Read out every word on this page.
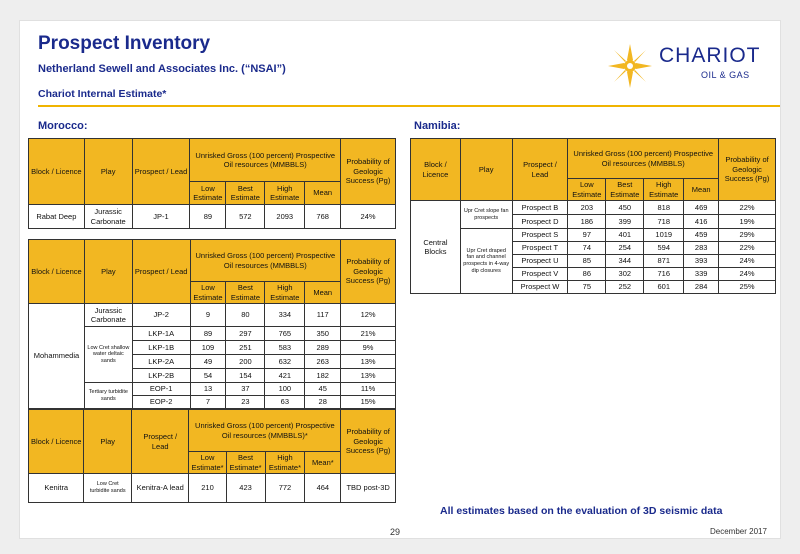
Prospect Inventory
Netherland Sewell and Associates Inc. (“NSAI”)
Chariot Internal Estimate*
CHARIOT
OIL & GAS
Morocco:	Namibia:
Block / Licence	Play	Prospect / Lead	Unrisked Gross (100 percent) Prospective Oil resources (MMBBLS)				Probability of Geologic Success (Pg)
			Low Estimate	Best Estimate	High Estimate	Mean	
Rabat Deep	Jurassic Carbonate	JP-1	89	572	2093	768	24%
Block / Licence	Play	Prospect / Lead	Unrisked Gross (100 percent) Prospective Oil resources (MMBBLS)				Probability of Geologic Success (Pg)
			Low Estimate	Best Estimate	High Estimate	Mean	
Mohammedia	Jurassic Carbonate	JP-2	9	80	334	117	12%
	Low Cret shallow water deltaic sands	LKP-1A	89	297	765	350	21%
		LKP-1B	109	251	583	289	9%
		LKP-2A	49	200	632	263	13%
		LKP-2B	54	154	421	182	13%
	Tertiary turbidite sands	EOP-1	13	37	100	45	11%
		EOP-2	7	23	63	28	15%
Block / Licence	Play	Prospect / Lead	Unrisked Gross (100 percent) Prospective Oil resources (MMBBLS)*				Probability of Geologic Success (Pg)
			Low Estimate*	Best Estimate*	High Estimate*	Mean*	
Kenitra	Low Cret turbidite sands	Kenitra-A lead	210	423	772	464	TBD post-3D
Block / Licence	Play	Prospect / Lead	Unrisked Gross (100 percent) Prospective Oil resources (MMBBLS)				Probability of Geologic Success (Pg)
			Low Estimate	Best Estimate	High Estimate	Mean	
Central Blocks	Upr Cret slope fan prospects	Prospect B	203	450	818	469	22%
		Prospect D	186	399	718	416	19%
	Upr Cret draped fan and channel prospects in 4-way dip closures	Prospect S	97	401	1019	459	29%
		Prospect T	74	254	594	283	22%
		Prospect U	85	344	871	393	24%
		Prospect V	86	302	716	339	24%
		Prospect W	75	252	601	284	25%
All estimates based on the evaluation of 3D seismic data
29	December 2017
